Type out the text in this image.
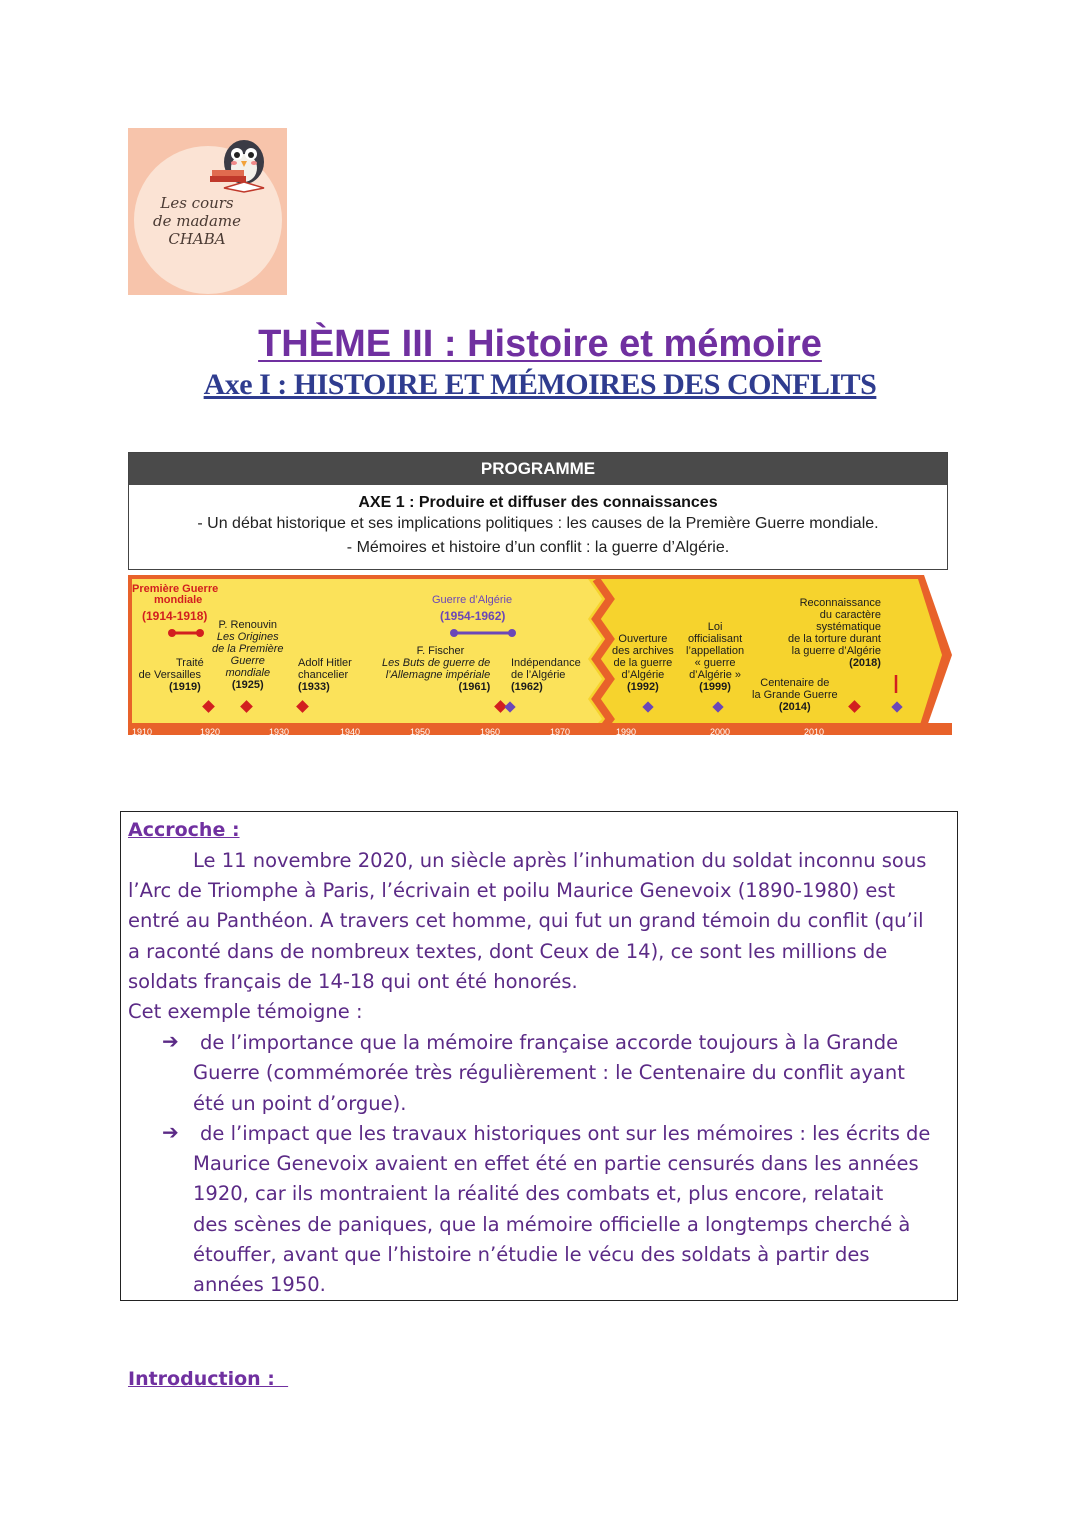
Les cours
de madame
CHABA
THÈME III : Histoire et mémoire
Axe I : HISTOIRE ET MÉMOIRES DES CONFLITS
PROGRAMME
AXE 1 : Produire et diffuser des connaissances
- Un débat historique et ses implications politiques : les causes de la Première Guerre mondiale.
- Mémoires et histoire d’un conflit : la guerre d’Algérie.
Première Guerre
mondiale
(1914-1918)
Guerre d’Algérie
(1954-1962)
Traité
de Versailles
(1919)
P. Renouvin
Les Origines
de la Première
Guerre
mondiale
(1925)
Adolf Hitler
chancelier
(1933)
F. Fischer
Les Buts de guerre de
l’Allemagne impériale
(1961)
Indépendance
de l’Algérie
(1962)
Ouverture
des archives
de la guerre
d’Algérie
(1992)
Loi
officialisant
l’appellation
« guerre
d’Algérie »
(1999)	Centenaire de
la Grande Guerre
(2014)
Reconnaissance
du caractère
systématique
de la torture durant
la guerre d’Algérie
(2018)
1910	1920	1930	1940	1950	1960	1970	1990	2000	2010
Accroche :
Le 11 novembre 2020, un siècle après l’inhumation du soldat inconnu sous
l’Arc de Triomphe à Paris, l’écrivain et poilu Maurice Genevoix (1890-1980) est
entré au Panthéon. A travers cet homme, qui fut un grand témoin du conflit (qu’il
a raconté dans de nombreux textes, dont Ceux de 14), ce sont les millions de
soldats français de 14-18 qui ont été honorés.
Cet exemple témoigne :
➔ de l’importance que la mémoire française accorde toujours à la Grande
Guerre (commémorée très régulièrement : le Centenaire du conflit ayant
été un point d’orgue).
➔ de l’impact que les travaux historiques ont sur les mémoires : les écrits de
Maurice Genevoix avaient en effet été en partie censurés dans les années
1920, car ils montraient la réalité des combats et, plus encore, relatait
des scènes de paniques, que la mémoire officielle a longtemps cherché à
étouffer, avant que l’histoire n’étudie le vécu des soldats à partir des
années 1950.
Introduction :
